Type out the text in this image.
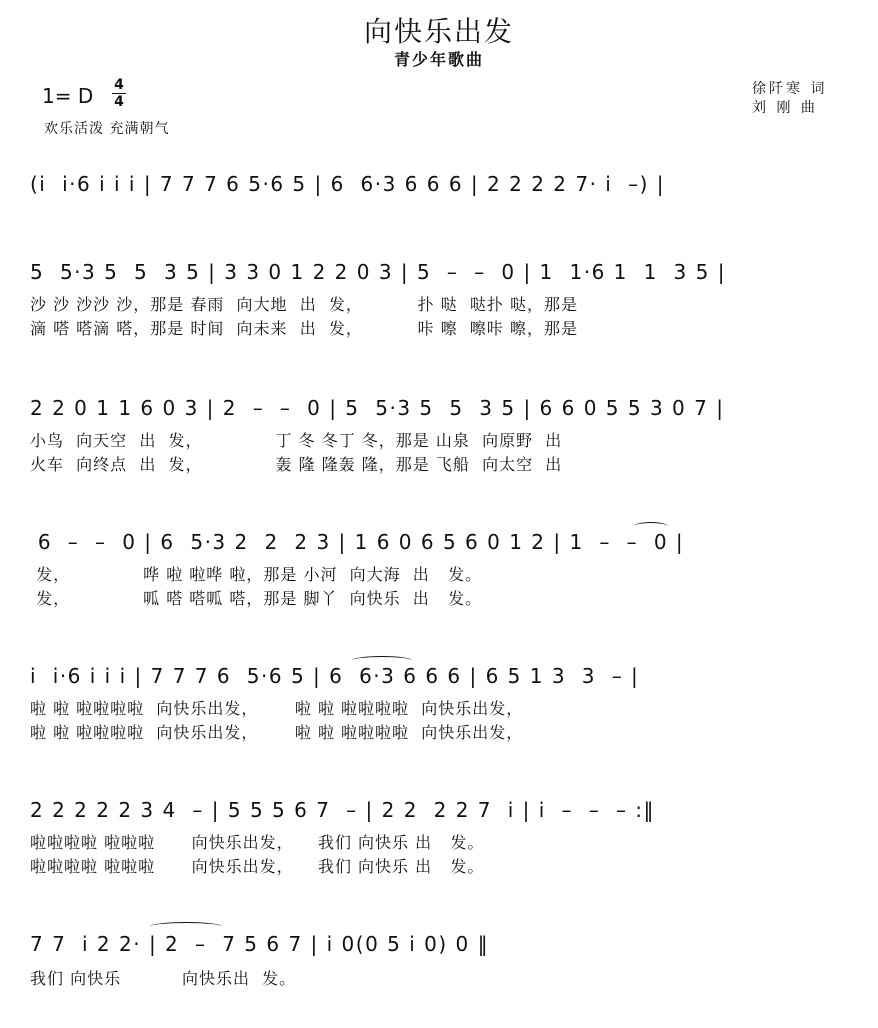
向快乐出发
青少年歌曲
1= D 4
4
欢乐活泼 充满朝气
徐阡寒 词
刘 刚 曲
(i  i·6 i i i | 7 7 7 6 5·6 5 | 6  6·3 6 6 6 | 2 2 2 2 7· i  –) |
5  5·3 5  5  3 5 | 3 3 0 1 2 2 0 3 | 5  –  –  0 | 1  1·6 1  1  3 5 |
沙 沙 沙沙 沙，那是 春雨  向大地  出  发，         扑 哒  哒扑 哒，那是
滴 嗒 嗒滴 嗒，那是 时间  向未来  出  发，         咔 嚓  嚓咔 嚓，那是
2 2 0 1 1 6 0 3 | 2  –  –  0 | 5  5·3 5  5  3 5 | 6 6 0 5 5 3 0 7 |
小鸟  向天空  出  发，            丁 冬 冬丁 冬，那是 山泉  向原野  出
火车  向终点  出  发，            轰 隆 隆轰 隆，那是 飞船  向太空  出
6  –  –  0 | 6  5·3 2  2  2 3 | 1 6 0 6 5 6 0 1 2 | 1  –  –  0 |
发，            哗 啦 啦哗 啦，那是 小河  向大海  出   发。
发，            呱 嗒 嗒呱 嗒，那是 脚丫  向快乐  出   发。
i  i·6 i i i | 7 7 7 6  5·6 5 | 6  6·3 6 6 6 | 6 5 1 3  3  – |
啦 啦 啦啦啦啦  向快乐出发，      啦 啦 啦啦啦啦  向快乐出发，
啦 啦 啦啦啦啦  向快乐出发，      啦 啦 啦啦啦啦  向快乐出发，
2 2 2 2 2 3 4  – | 5 5 5 6 7  – | 2 2  2 2 7  i | i  –  –  – :‖
啦啦啦啦 啦啦啦      向快乐出发，    我们 向快乐 出   发。
啦啦啦啦 啦啦啦      向快乐出发，    我们 向快乐 出   发。
7 7  i 2 2· | 2  –  7 5 6 7 | i 0(0 5 i 0) 0 ‖
我们 向快乐          向快乐出  发。
